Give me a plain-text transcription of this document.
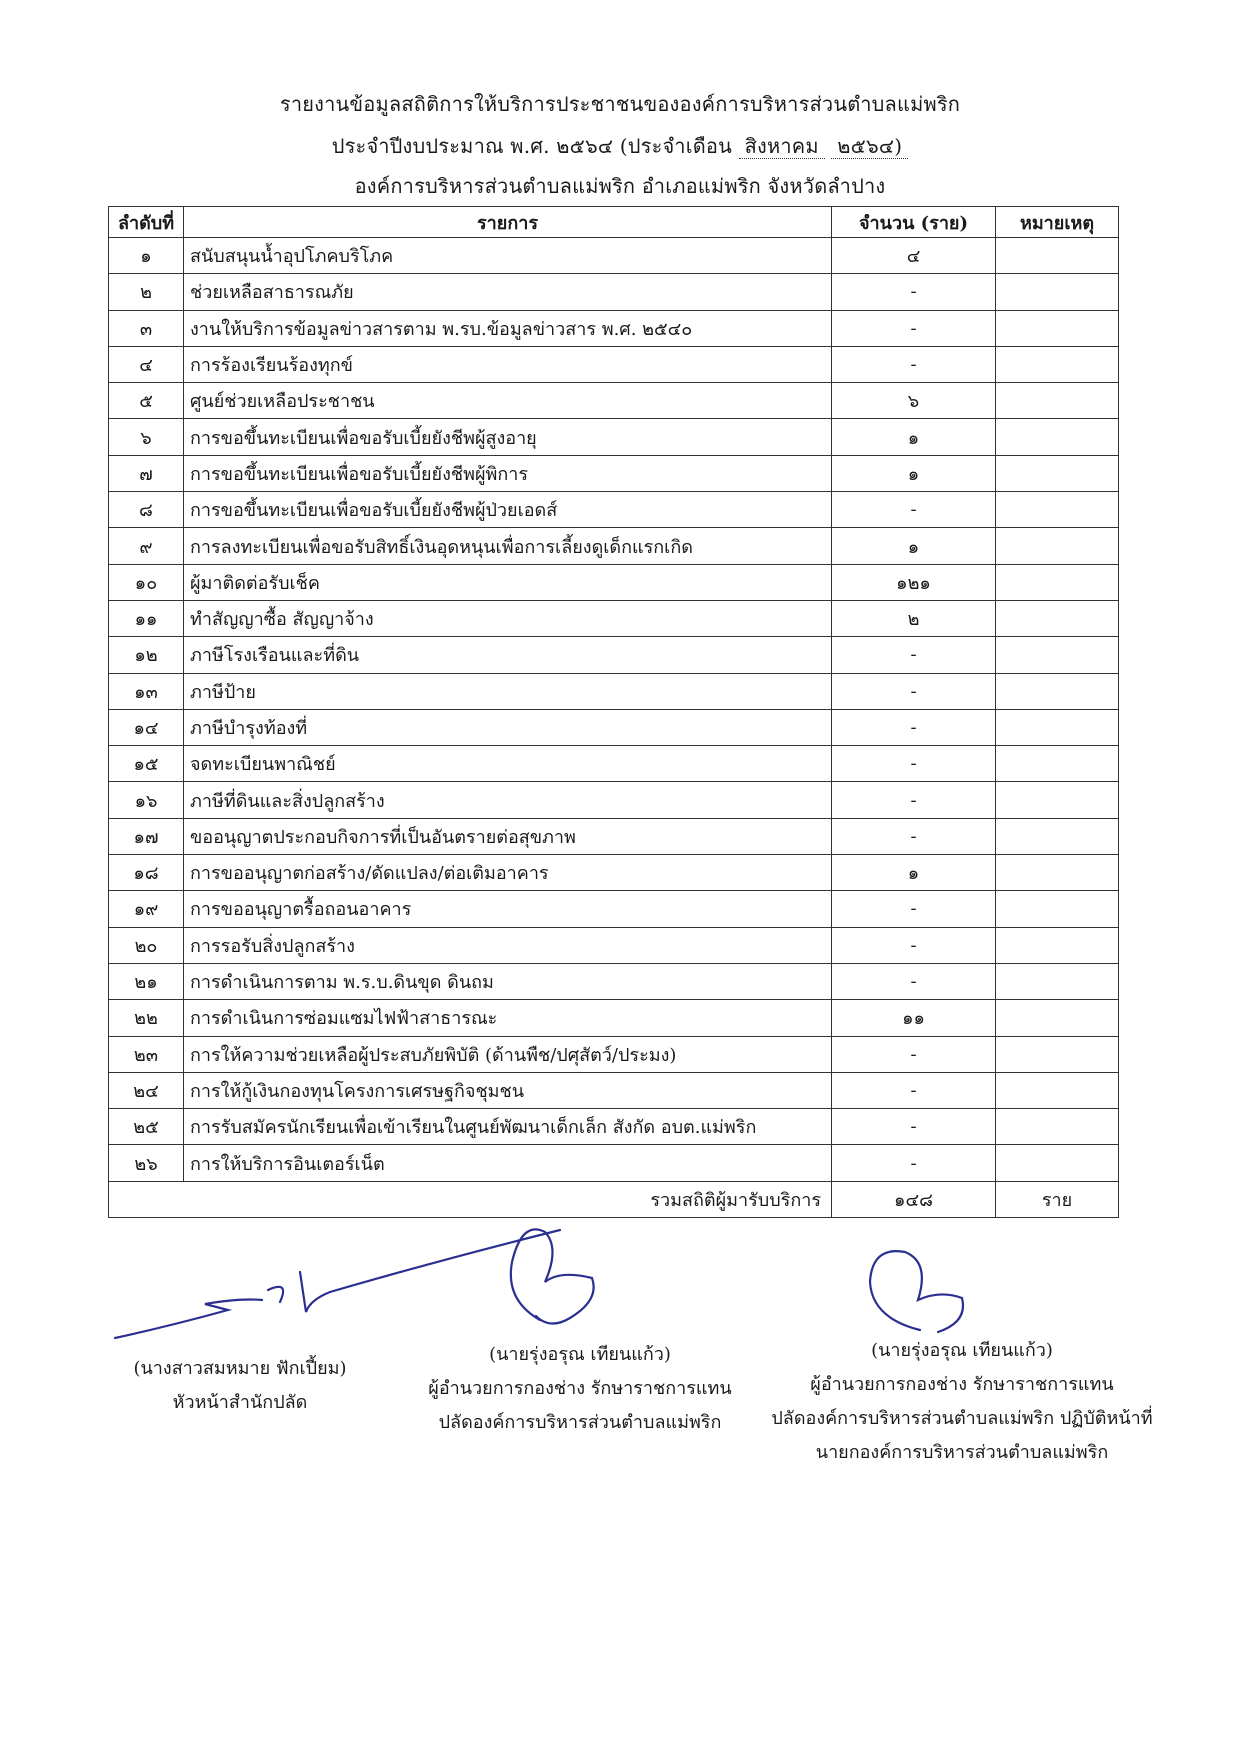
รายงานข้อมูลสถิติการให้บริการประชาชนขององค์การบริหารส่วนตำบลแม่พริก
ประจำปีงบประมาณ พ.ศ. ๒๕๖๔ (ประจำเดือน สิงหาคม ๒๕๖๔)
องค์การบริหารส่วนตำบลแม่พริก อำเภอแม่พริก จังหวัดลำปาง
ลำดับที่	รายการ	จำนวน (ราย)	หมายเหตุ
๑	สนับสนุนน้ำอุปโภคบริโภค	๔	
๒	ช่วยเหลือสาธารณภัย	-	
๓	งานให้บริการข้อมูลข่าวสารตาม พ.รบ.ข้อมูลข่าวสาร พ.ศ. ๒๕๔๐	-	
๔	การร้องเรียนร้องทุกข์	-	
๕	ศูนย์ช่วยเหลือประชาชน	๖	
๖	การขอขึ้นทะเบียนเพื่อขอรับเบี้ยยังชีพผู้สูงอายุ	๑	
๗	การขอขึ้นทะเบียนเพื่อขอรับเบี้ยยังชีพผู้พิการ	๑	
๘	การขอขึ้นทะเบียนเพื่อขอรับเบี้ยยังชีพผู้ป่วยเอดส์	-	
๙	การลงทะเบียนเพื่อขอรับสิทธิ์เงินอุดหนุนเพื่อการเลี้ยงดูเด็กแรกเกิด	๑	
๑๐	ผู้มาติดต่อรับเช็ค	๑๒๑	
๑๑	ทำสัญญาซื้อ สัญญาจ้าง	๒	
๑๒	ภาษีโรงเรือนและที่ดิน	-	
๑๓	ภาษีป้าย	-	
๑๔	ภาษีบำรุงท้องที่	-	
๑๕	จดทะเบียนพาณิชย์	-	
๑๖	ภาษีที่ดินและสิ่งปลูกสร้าง	-	
๑๗	ขออนุญาตประกอบกิจการที่เป็นอันตรายต่อสุขภาพ	-	
๑๘	การขออนุญาตก่อสร้าง/ดัดแปลง/ต่อเติมอาคาร	๑	
๑๙	การขออนุญาตรื้อถอนอาคาร	-	
๒๐	การรอรับสิ่งปลูกสร้าง	-	
๒๑	การดำเนินการตาม พ.ร.บ.ดินขุด ดินถม	-	
๒๒	การดำเนินการซ่อมแซมไฟฟ้าสาธารณะ	๑๑	
๒๓	การให้ความช่วยเหลือผู้ประสบภัยพิบัติ (ด้านพืช/ปศุสัตว์/ประมง)	-	
๒๔	การให้กู้เงินกองทุนโครงการเศรษฐกิจชุมชน	-	
๒๕	การรับสมัครนักเรียนเพื่อเข้าเรียนในศูนย์พัฒนาเด็กเล็ก สังกัด อบต.แม่พริก	-	
๒๖	การให้บริการอินเตอร์เน็ต	-	
รวมสถิติผู้มารับบริการ		๑๔๘	ราย
(นางสาวสมหมาย ฟักเปี้ยม)
หัวหน้าสำนักปลัด
(นายรุ่งอรุณ เทียนแก้ว)
ผู้อำนวยการกองช่าง รักษาราชการแทน
ปลัดองค์การบริหารส่วนตำบลแม่พริก
(นายรุ่งอรุณ เทียนแก้ว)
ผู้อำนวยการกองช่าง รักษาราชการแทน
ปลัดองค์การบริหารส่วนตำบลแม่พริก ปฏิบัติหน้าที่
นายกองค์การบริหารส่วนตำบลแม่พริก
